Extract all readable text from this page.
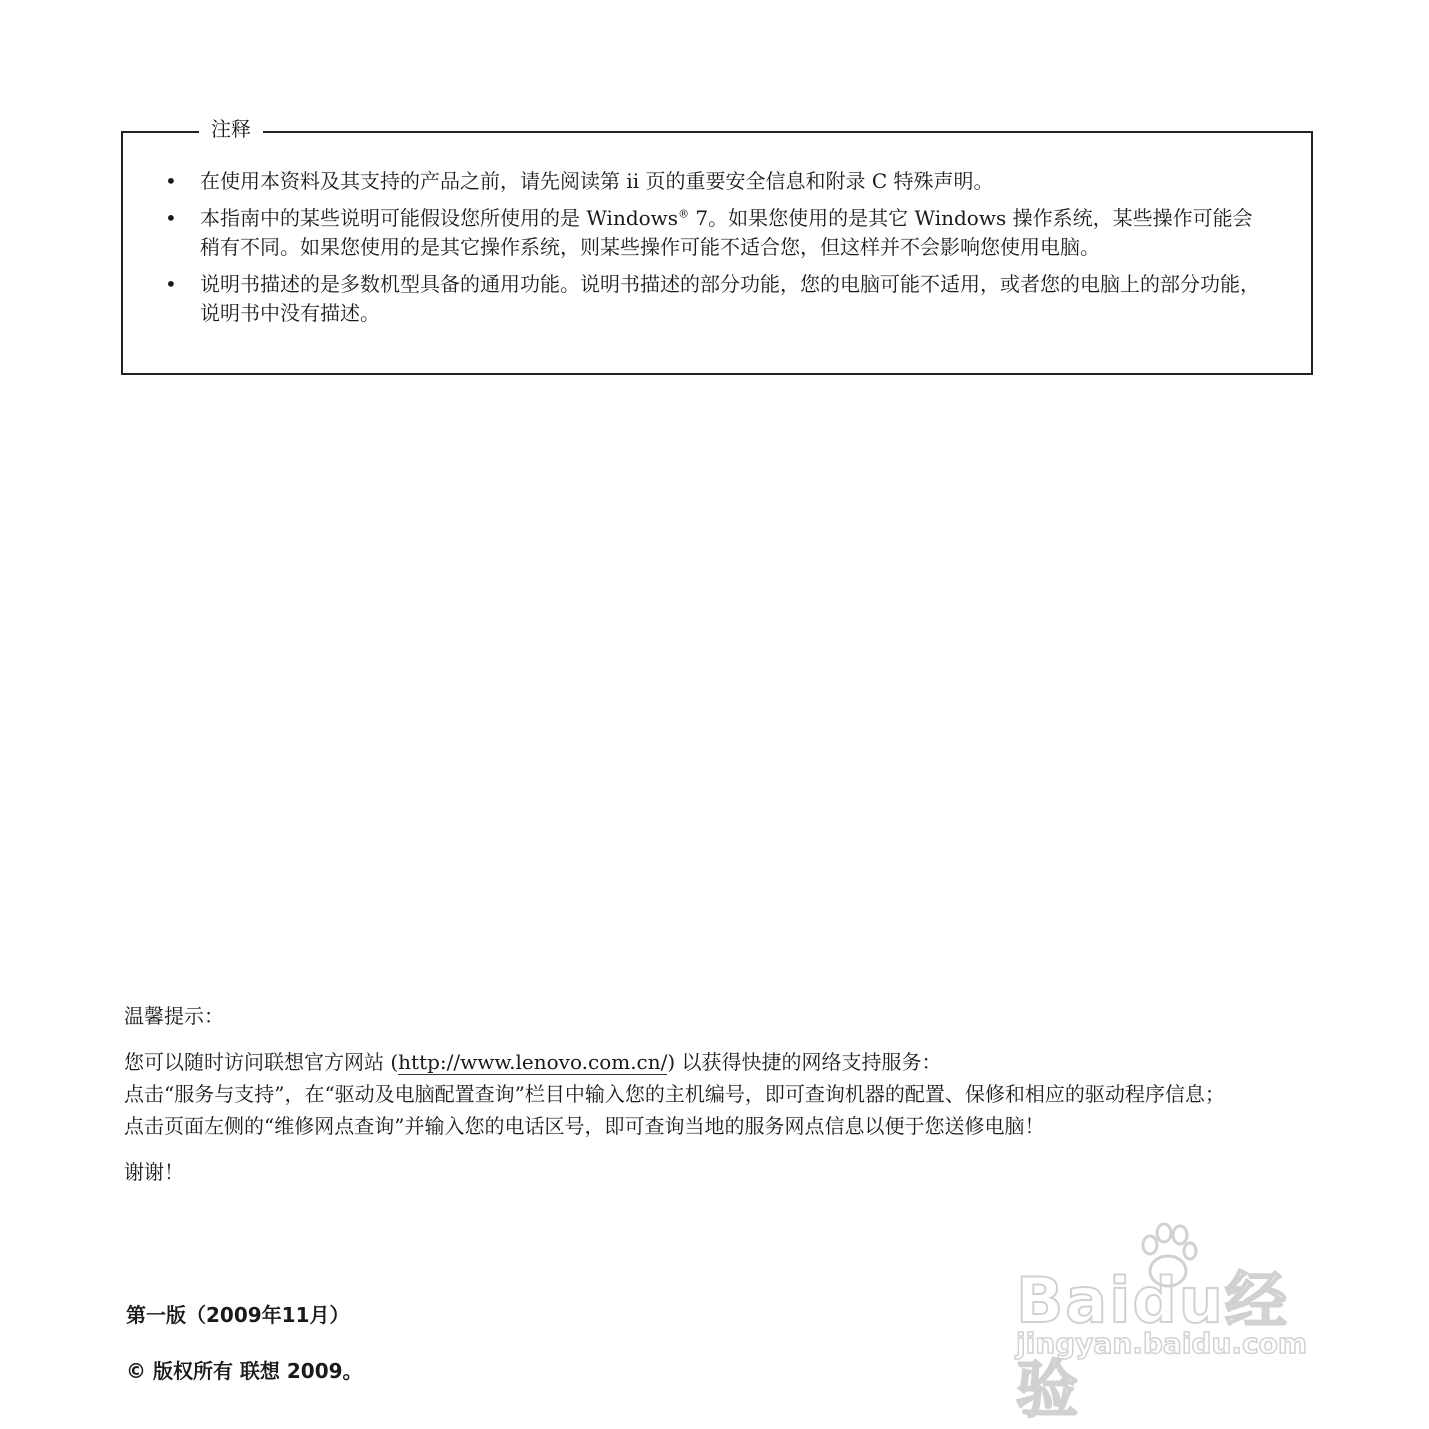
注释
• 在使用本资料及其支持的产品之前，请先阅读第 ii 页的重要安全信息和附录 C 特殊声明。
• 本指南中的某些说明可能假设您所使用的是 Windows® 7。如果您使用的是其它 Windows 操作系统，某些操作可能会稍有不同。如果您使用的是其它操作系统，则某些操作可能不适合您，但这样并不会影响您使用电脑。
• 说明书描述的是多数机型具备的通用功能。说明书描述的部分功能，您的电脑可能不适用，或者您的电脑上的部分功能，说明书中没有描述。

温馨提示：

您可以随时访问联想官方网站 (http://www.lenovo.com.cn/) 以获得快捷的网络支持服务：

点击“服务与支持”，在“驱动及电脑配置查询”栏目中输入您的主机编号，即可查询机器的配置、保修和相应的驱动程序信息；

点击页面左侧的“维修网点查询”并输入您的电话区号，即可查询当地的服务网点信息以便于您送修电脑！

谢谢！

第一版（2009年11月）
© 版权所有 联想 2009。
Baidu经验
jingyan.baidu.com
